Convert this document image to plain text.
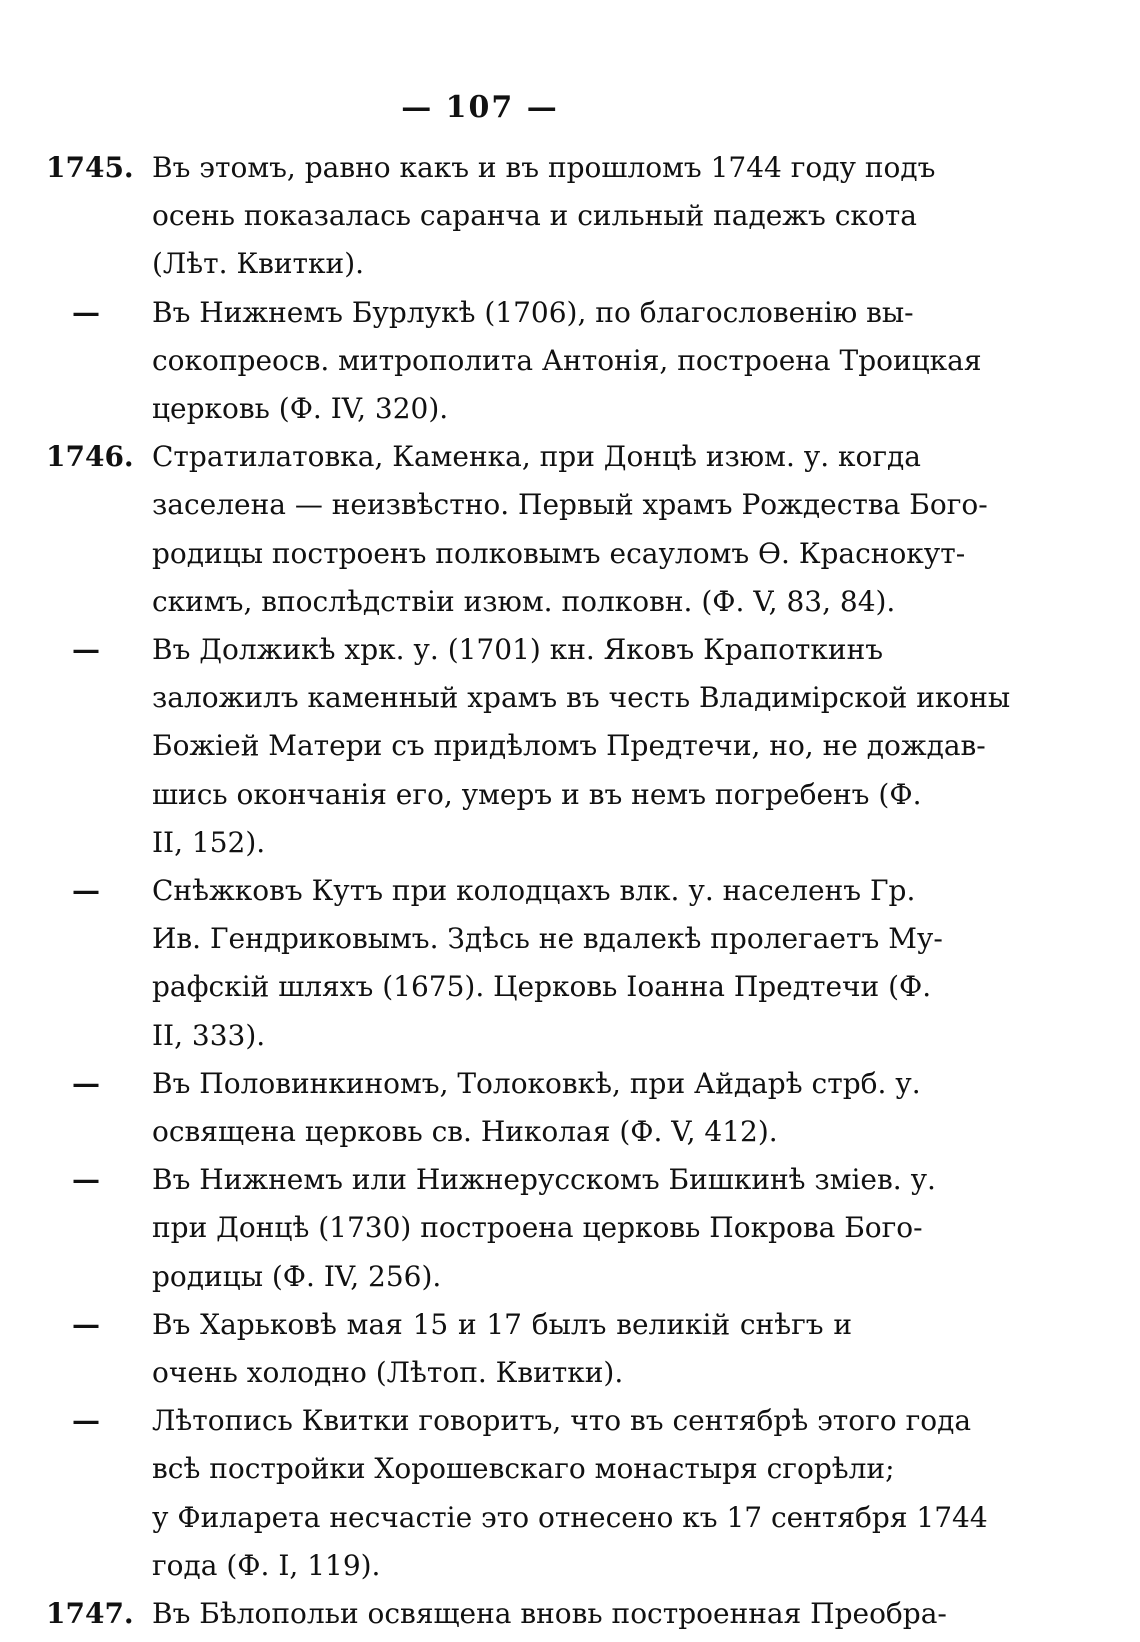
— 107 —
1745. Въ этомъ, равно какъ и въ прошломъ 1744 году подъ
осень показалась саранча и сильный падежъ скота
(Лѣт. Квитки).
—	Въ Нижнемъ Бурлукѣ (1706), по благословенію вы-
сокопреосв. митрополита Антонія, построена Троицкая
церковь (Ф. IV, 320).
1746. Стратилатовка, Каменка, при Донцѣ изюм. у. когда
заселена — неизвѣстно. Первый храмъ Рождества Бого-
родицы построенъ полковымъ есауломъ Ѳ. Краснокут-
скимъ, впослѣдствіи изюм. полковн. (Ф. V, 83, 84).
—	Въ Должикѣ хрк. у. (1701) кн. Яковъ Крапоткинъ
заложилъ каменный храмъ въ честь Владимірской иконы
Божіей Матери съ придѣломъ Предтечи, но, не дождав-
шись окончанія его, умеръ и въ немъ погребенъ (Ф.
II, 152).
—	Снѣжковъ Кутъ при колодцахъ влк. у. населенъ Гр.
Ив. Гендриковымъ. Здѣсь не вдалекѣ пролегаетъ Му-
рафскій шляхъ (1675). Церковь Іоанна Предтечи (Ф.
II, 333).
—	Въ Половинкиномъ, Толоковкѣ, при Айдарѣ стрб. у.
освящена церковь св. Николая (Ф. V, 412).
—	Въ Нижнемъ или Нижнерусскомъ Бишкинѣ зміев. у.
при Донцѣ (1730) построена церковь Покрова Бого-
родицы (Ф. IV, 256).
—	Въ Харьковѣ мая 15 и 17 былъ великій снѣгъ и
очень холодно (Лѣтоп. Квитки).
—	Лѣтопись Квитки говоритъ, что въ сентябрѣ этого года
всѣ постройки Хорошевскаго монастыря сгорѣли;
у Филарета несчастіе это отнесено къ 17 сентября 1744
года (Ф. I, 119).
1747. Въ Бѣлопольи освящена вновь построенная Преобра-
